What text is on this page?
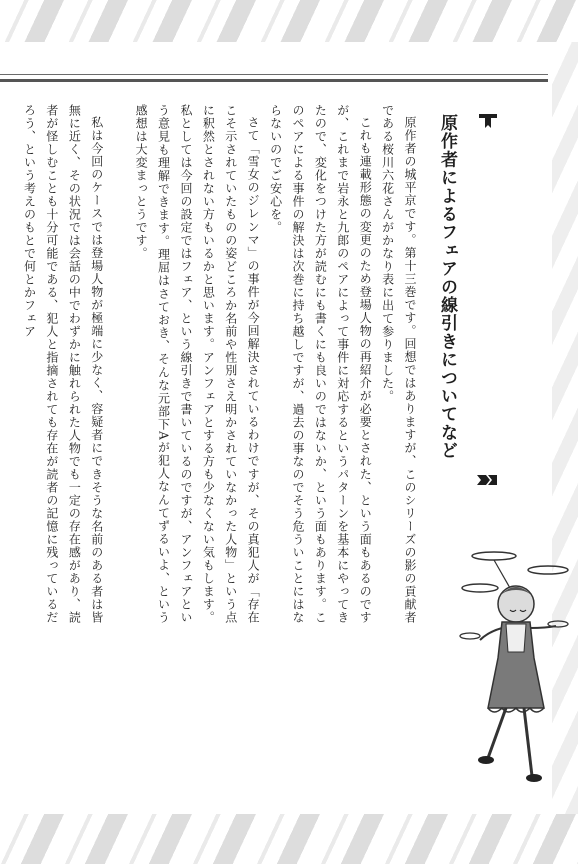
原作者によるフェアの線引きについてなど

原作者の城平京です。第十三巻です。回想ではありますが、このシリーズの影の貢献者である桜川六花さんがかなり表に出て参りました。

これも連載形態の変更のため登場人物の再紹介が必要とされた、という面もあるのですが、これまで岩永と九郎のペアによって事件に対応するというパターンを基本にやってきたので、変化をつけた方が読むにも書くにも良いのではないか、という面もあります。このペアによる事件の解決は次巻に持ち越しですが、過去の事なのでそう危ういことにはならないのでご安心を。

さて「雪女のジレンマ」の事件が今回解決されているわけですが、その真犯人が「存在こそ示されていたものの姿どころか名前や性別さえ明かされていなかった人物」という点に釈然とされない方もいるかと思います。アンフェアとする方も少なくない気もします。私としては今回の設定ではフェア、という線引きで書いているのですが、アンフェアという意見も理解できます。理屈はさておき、そんな元部下Aが犯人なんてずるいよ、という感想は大変まっとうです。

私は今回のケースでは登場人物が極端に少なく、容疑者にできそうな名前のある者は皆無に近く、その状況では会話の中でわずかに触れられた人物でも一定の存在感があり、読者が怪しむことも十分可能である、犯人と指摘されても存在が読者の記憶に残っているだろう、という考えのもとで何とかフェア
